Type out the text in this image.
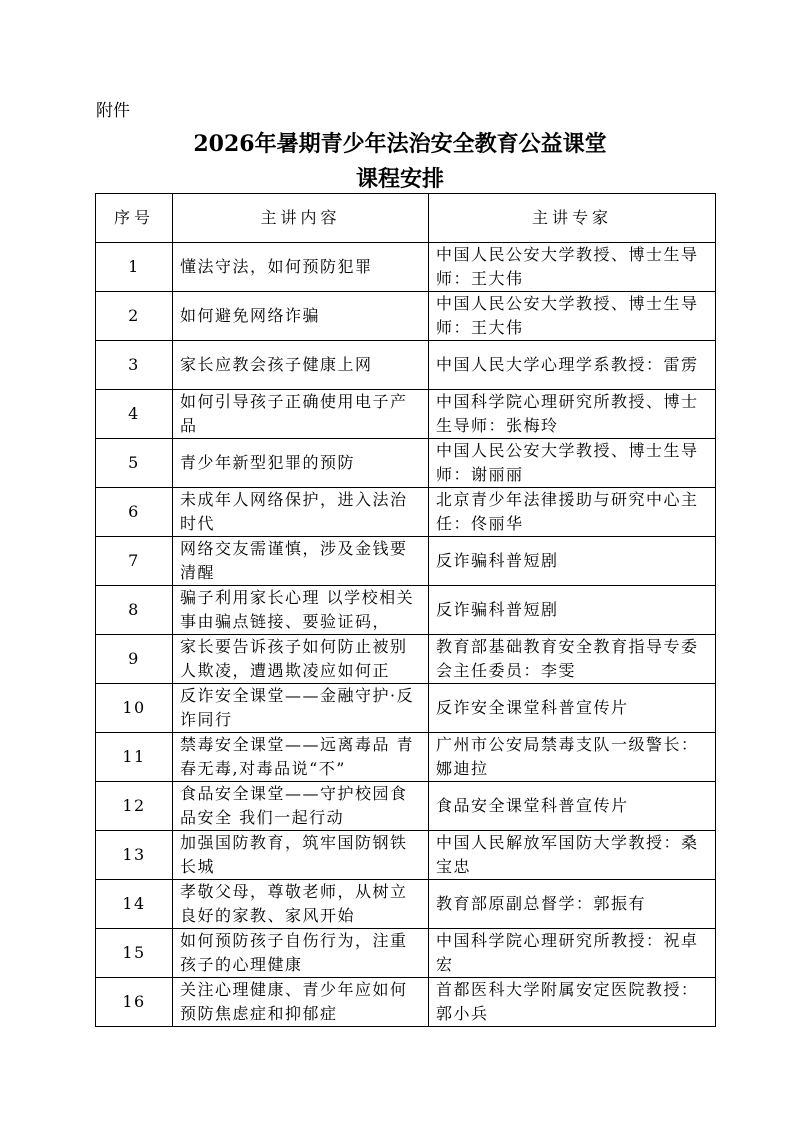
附件
2026年暑期青少年法治安全教育公益课堂
课程安排
序号	主讲内容	主讲专家
1	懂法守法，如何预防犯罪	中国人民公安大学教授、博士生导师：王大伟

2	如何避免网络诈骗	中国人民公安大学教授、博士生导师：王大伟

3	家长应教会孩子健康上网	中国人民大学心理学系教授：雷雳

4	如何引导孩子正确使用电子产品	中国科学院心理研究所教授、博士生导师：张梅玲

5	青少年新型犯罪的预防	中国人民公安大学教授、博士生导师：谢丽丽

6	未成年人网络保护，进入法治时代	北京青少年法律援助与研究中心主任：佟丽华

7	网络交友需谨慎，涉及金钱要清醒	反诈骗科普短剧

8	骗子利用家长心理 以学校相关事由骗点链接、要验证码，	反诈骗科普短剧

9	家长要告诉孩子如何防止被别人欺凌，遭遇欺凌应如何正	教育部基础教育安全教育指导专委会主任委员：李雯

10	反诈安全课堂——金融守护·反诈同行	反诈安全课堂科普宣传片

11	禁毒安全课堂——远离毒品 青春无毒,对毒品说“不”	广州市公安局禁毒支队一级警长：娜迪拉

12	食品安全课堂——守护校园食品安全 我们一起行动	食品安全课堂科普宣传片

13	加强国防教育，筑牢国防钢铁长城	中国人民解放军国防大学教授：桑宝忠

14	孝敬父母，尊敬老师，从树立良好的家教、家风开始	教育部原副总督学：郭振有

15	如何预防孩子自伤行为，注重孩子的心理健康	中国科学院心理研究所教授：祝卓宏

16	关注心理健康、青少年应如何预防焦虑症和抑郁症	首都医科大学附属安定医院教授：郭小兵
